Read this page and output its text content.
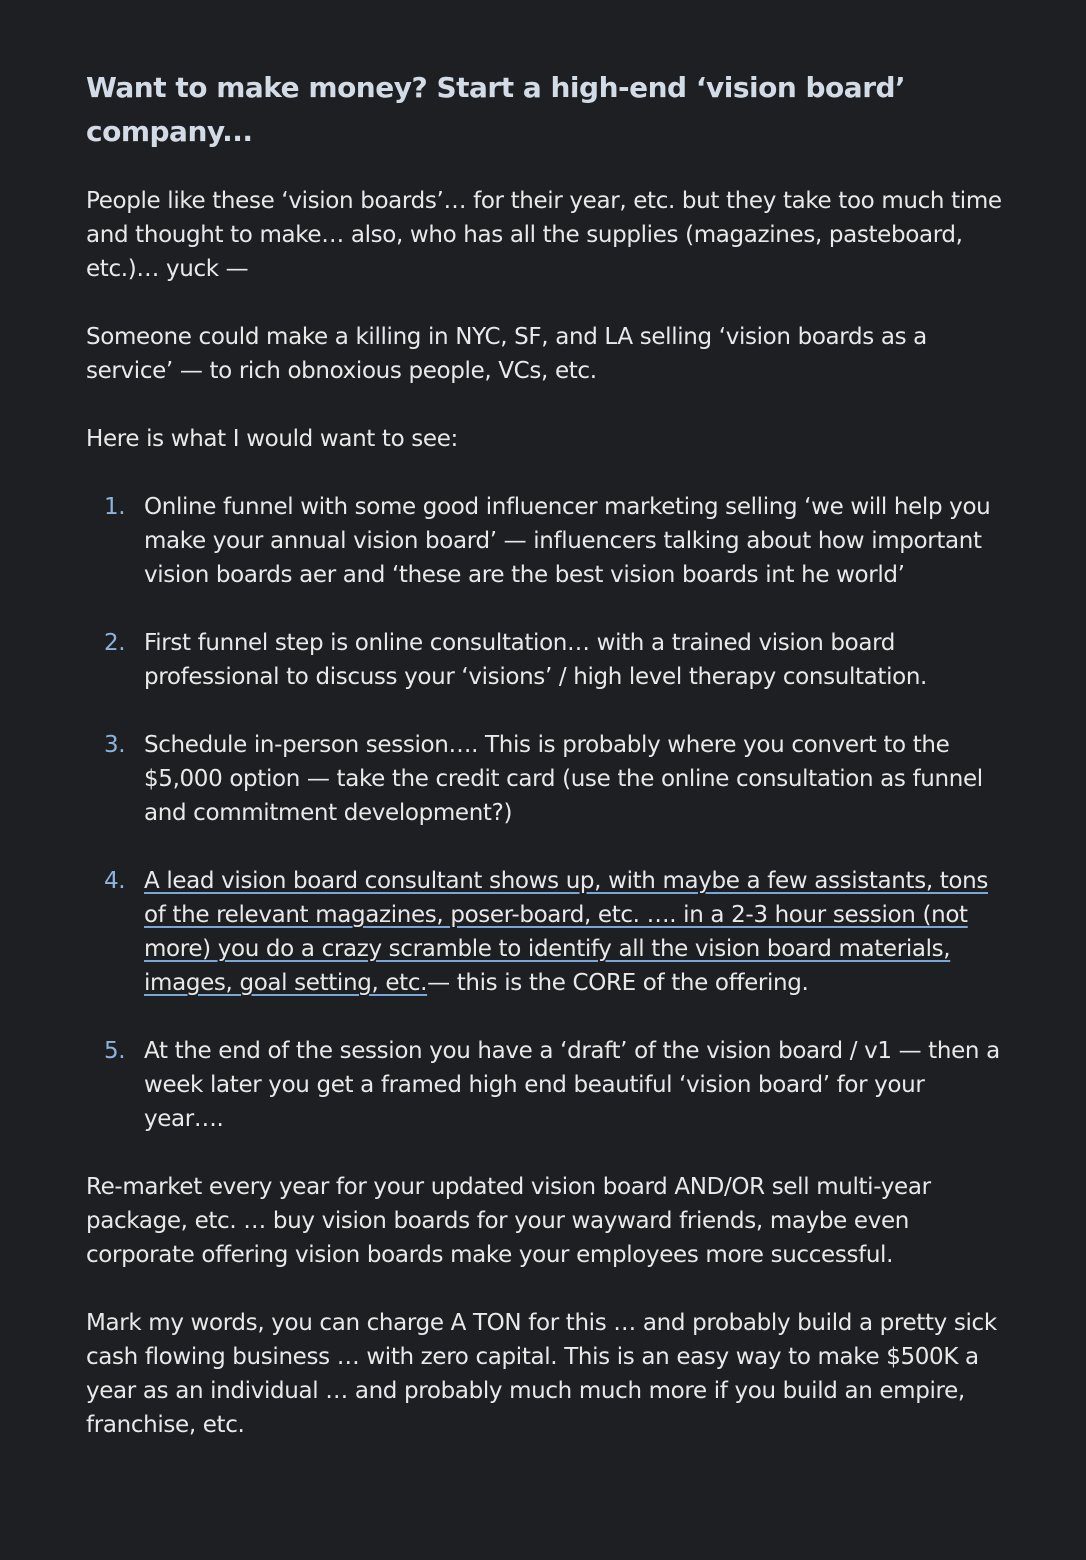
Want to make money? Start a high-end ‘vision board’ company...

People like these ‘vision boards’… for their year, etc. but they take too much time and thought to make… also, who has all the supplies (magazines, pasteboard, etc.)… yuck —

Someone could make a killing in NYC, SF, and LA selling ‘vision boards as a service’ — to rich obnoxious people, VCs, etc.

Here is what I would want to see:

1. Online funnel with some good influencer marketing selling ‘we will help you make your annual vision board’ — influencers talking about how important vision boards aer and ‘these are the best vision boards int he world’
2. First funnel step is online consultation… with a trained vision board professional to discuss your ‘visions’ / high level therapy consultation.
3. Schedule in-person session…. This is probably where you convert to the $5,000 option — take the credit card (use the online consultation as funnel and commitment development?)
4. A lead vision board consultant shows up, with maybe a few assistants, tons of the relevant magazines, poser-board, etc. …. in a 2-3 hour session (not more) you do a crazy scramble to identify all the vision board materials, images, goal setting, etc.— this is the CORE of the offering.
5. At the end of the session you have a ‘draft’ of the vision board / v1 — then a week later you get a framed high end beautiful ‘vision board’ for your year….

Re-market every year for your updated vision board AND/OR sell multi-year package, etc. … buy vision boards for your wayward friends, maybe even corporate offering vision boards make your employees more successful.

Mark my words, you can charge A TON for this … and probably build a pretty sick cash flowing business … with zero capital. This is an easy way to make $500K a year as an individual … and probably much much more if you build an empire, franchise, etc.
